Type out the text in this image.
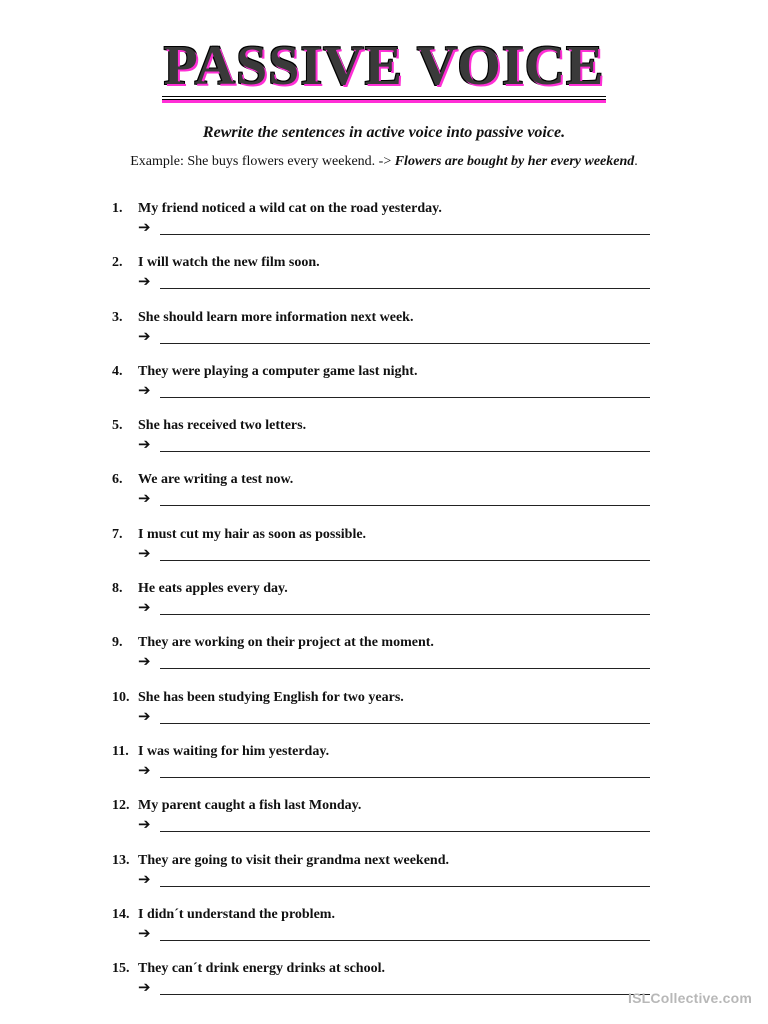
PASSIVE VOICE
Rewrite the sentences in active voice into passive voice.
Example: She buys flowers every weekend. -> Flowers are bought by her every weekend.
1. My friend noticed a wild cat on the road yesterday.
➔
2. I will watch the new film soon.
➔
3. She should learn more information next week.
➔
4. They were playing a computer game last night.
➔
5. She has received two letters.
➔
6. We are writing a test now.
➔
7. I must cut my hair as soon as possible.
➔
8. He eats apples every day.
➔
9. They are working on their project at the moment.
➔
10. She has been studying English for two years.
➔
11. I was waiting for him yesterday.
➔
12. My parent caught a fish last Monday.
➔
13. They are going to visit their grandma next weekend.
➔
14. I didn´t understand the problem.
➔
15. They can´t drink energy drinks at school.
➔
ISLCollective.com
